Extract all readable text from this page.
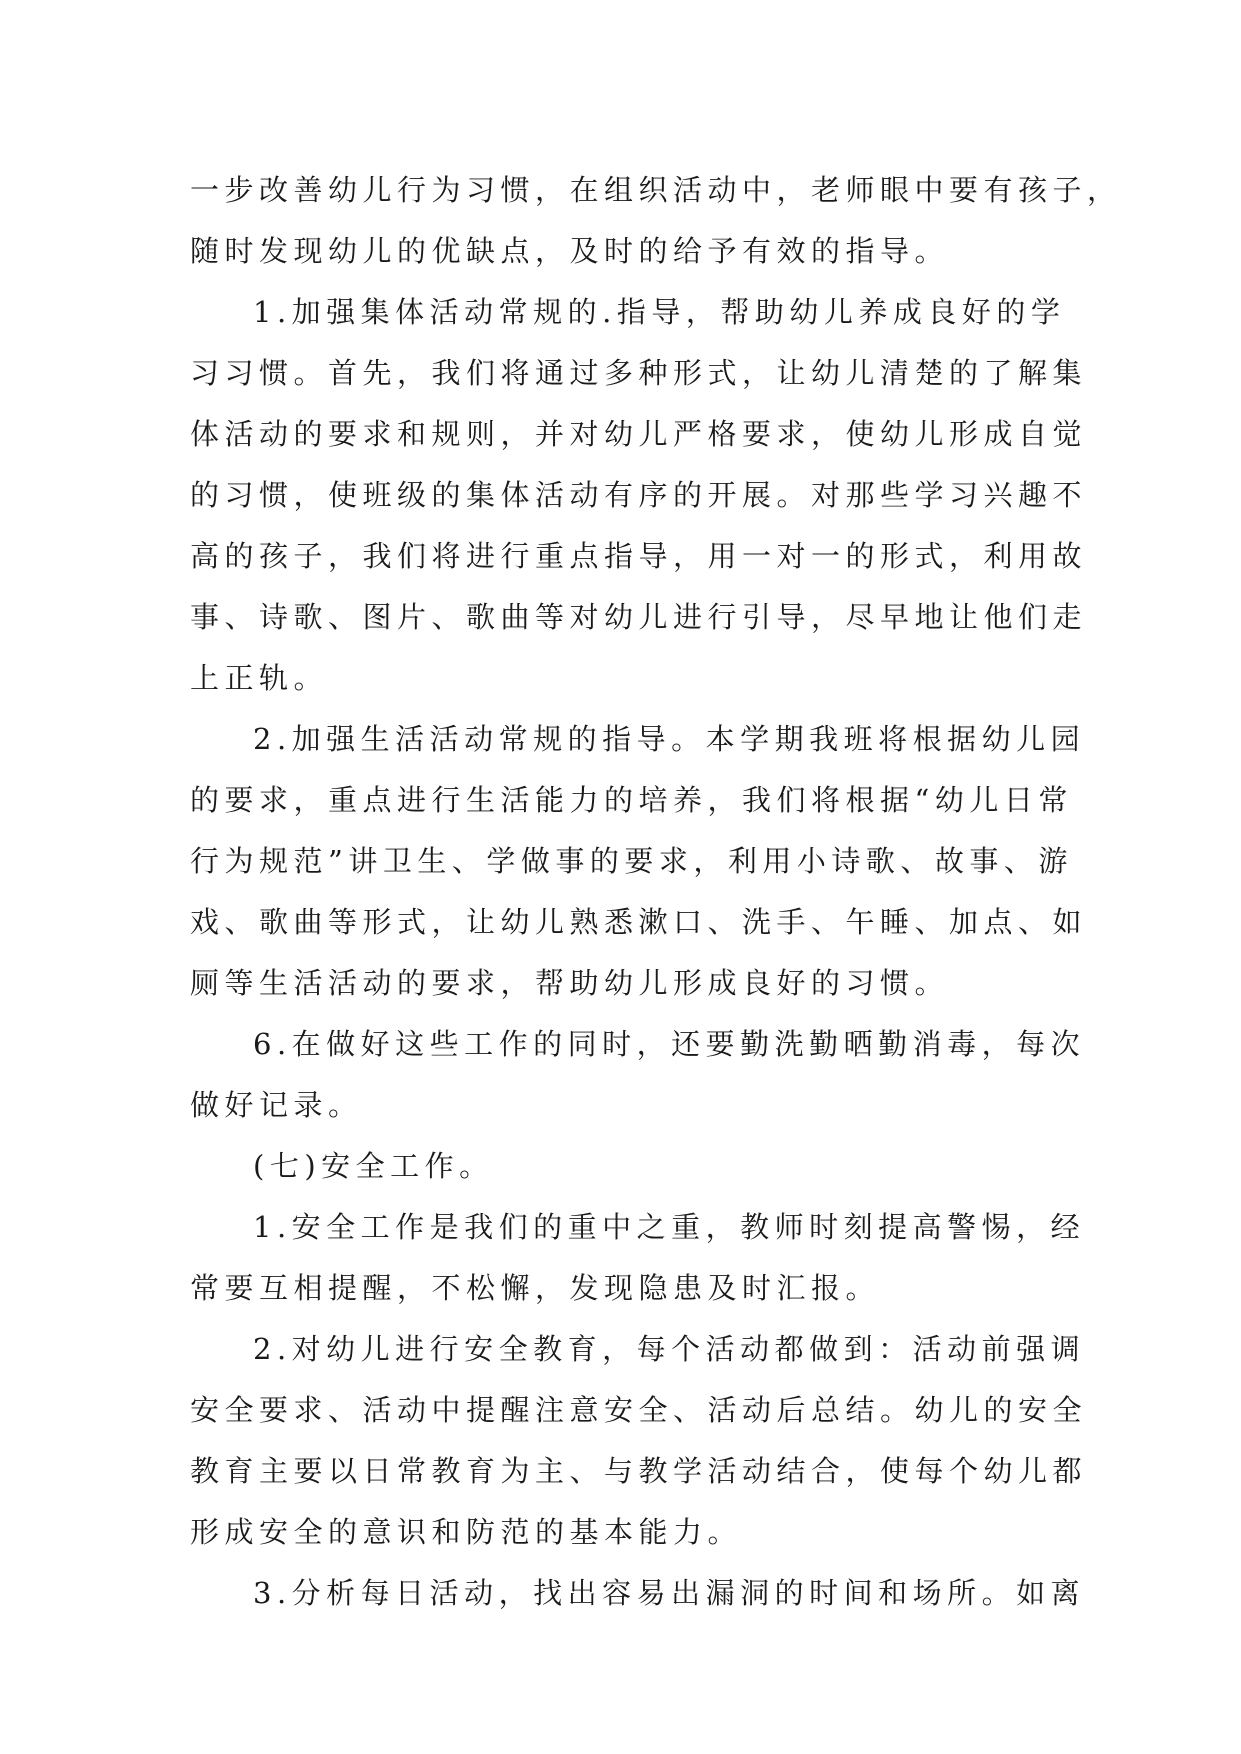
一步改善幼儿行为习惯，在组织活动中，老师眼中要有孩子，
随时发现幼儿的优缺点，及时的给予有效的指导。
1.加强集体活动常规的.指导，帮助幼儿养成良好的学
习习惯。首先，我们将通过多种形式，让幼儿清楚的了解集
体活动的要求和规则，并对幼儿严格要求，使幼儿形成自觉
的习惯，使班级的集体活动有序的开展。对那些学习兴趣不
高的孩子，我们将进行重点指导，用一对一的形式，利用故
事、诗歌、图片、歌曲等对幼儿进行引导，尽早地让他们走
上正轨。
2.加强生活活动常规的指导。本学期我班将根据幼儿园
的要求，重点进行生活能力的培养，我们将根据“幼儿日常
行为规范”讲卫生、学做事的要求，利用小诗歌、故事、游
戏、歌曲等形式，让幼儿熟悉漱口、洗手、午睡、加点、如
厕等生活活动的要求，帮助幼儿形成良好的习惯。
6.在做好这些工作的同时，还要勤洗勤晒勤消毒，每次
做好记录。
(七)安全工作。
1.安全工作是我们的重中之重，教师时刻提高警惕，经
常要互相提醒，不松懈，发现隐患及时汇报。
2.对幼儿进行安全教育，每个活动都做到：活动前强调
安全要求、活动中提醒注意安全、活动后总结。幼儿的安全
教育主要以日常教育为主、与教学活动结合，使每个幼儿都
形成安全的意识和防范的基本能力。
3.分析每日活动，找出容易出漏洞的时间和场所。如离
